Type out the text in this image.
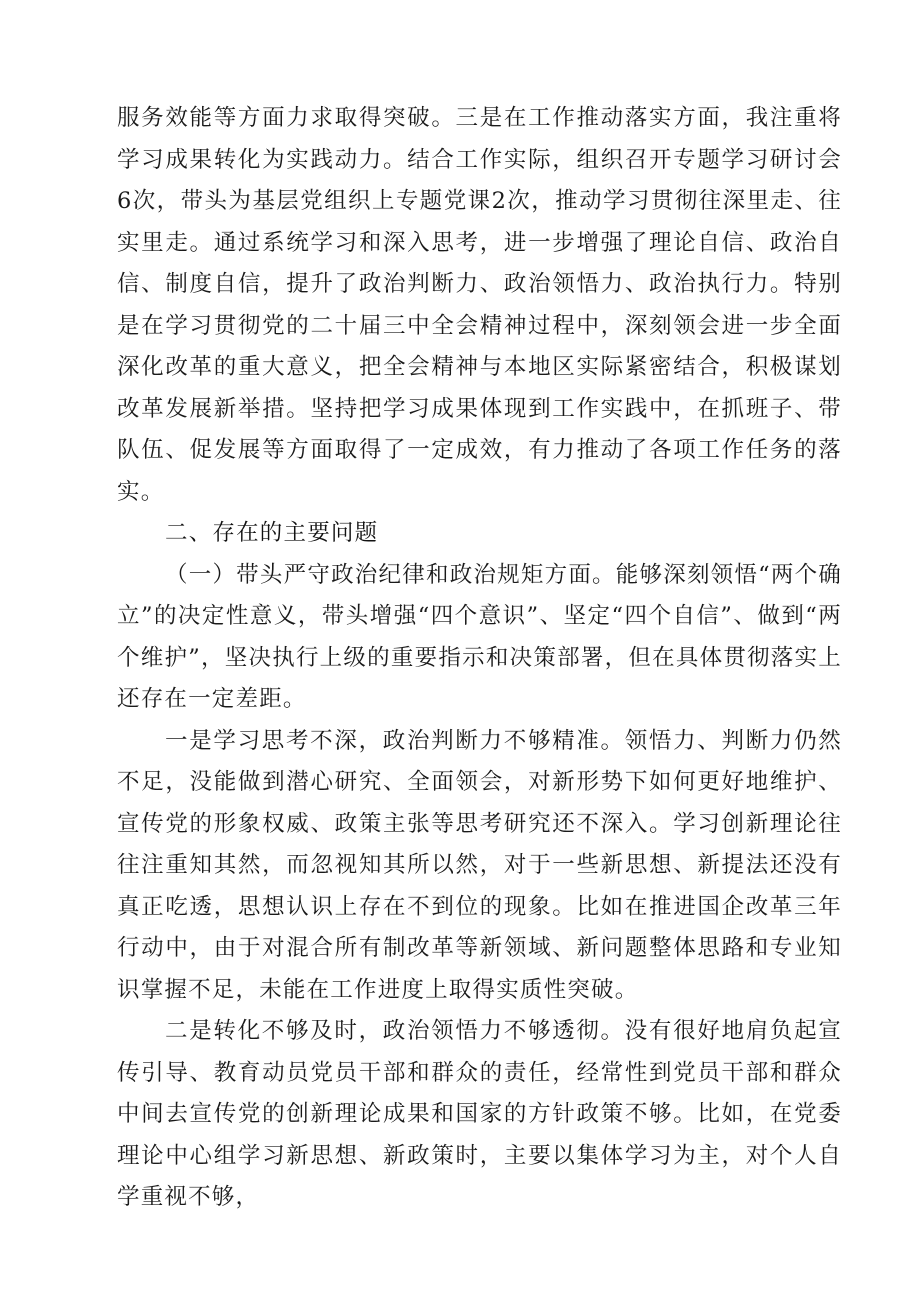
服务效能等方面力求取得突破。三是在工作推动落实方面，我注重将学习成果转化为实践动力。结合工作实际，组织召开专题学习研讨会6次，带头为基层党组织上专题党课2次，推动学习贯彻往深里走、往实里走。通过系统学习和深入思考，进一步增强了理论自信、政治自信、制度自信，提升了政治判断力、政治领悟力、政治执行力。特别是在学习贯彻党的二十届三中全会精神过程中，深刻领会进一步全面深化改革的重大意义，把全会精神与本地区实际紧密结合，积极谋划改革发展新举措。坚持把学习成果体现到工作实践中，在抓班子、带队伍、促发展等方面取得了一定成效，有力推动了各项工作任务的落实。

二、存在的主要问题

（一）带头严守政治纪律和政治规矩方面。能够深刻领悟“两个确立”的决定性意义，带头增强“四个意识”、坚定“四个自信”、做到“两个维护”，坚决执行上级的重要指示和决策部署，但在具体贯彻落实上还存在一定差距。

一是学习思考不深，政治判断力不够精准。领悟力、判断力仍然不足，没能做到潜心研究、全面领会，对新形势下如何更好地维护、宣传党的形象权威、政策主张等思考研究还不深入。学习创新理论往往注重知其然，而忽视知其所以然，对于一些新思想、新提法还没有真正吃透，思想认识上存在不到位的现象。比如在推进国企改革三年行动中，由于对混合所有制改革等新领域、新问题整体思路和专业知识掌握不足，未能在工作进度上取得实质性突破。

二是转化不够及时，政治领悟力不够透彻。没有很好地肩负起宣传引导、教育动员党员干部和群众的责任，经常性到党员干部和群众中间去宣传党的创新理论成果和国家的方针政策不够。比如，在党委理论中心组学习新思想、新政策时，主要以集体学习为主，对个人自学重视不够，
